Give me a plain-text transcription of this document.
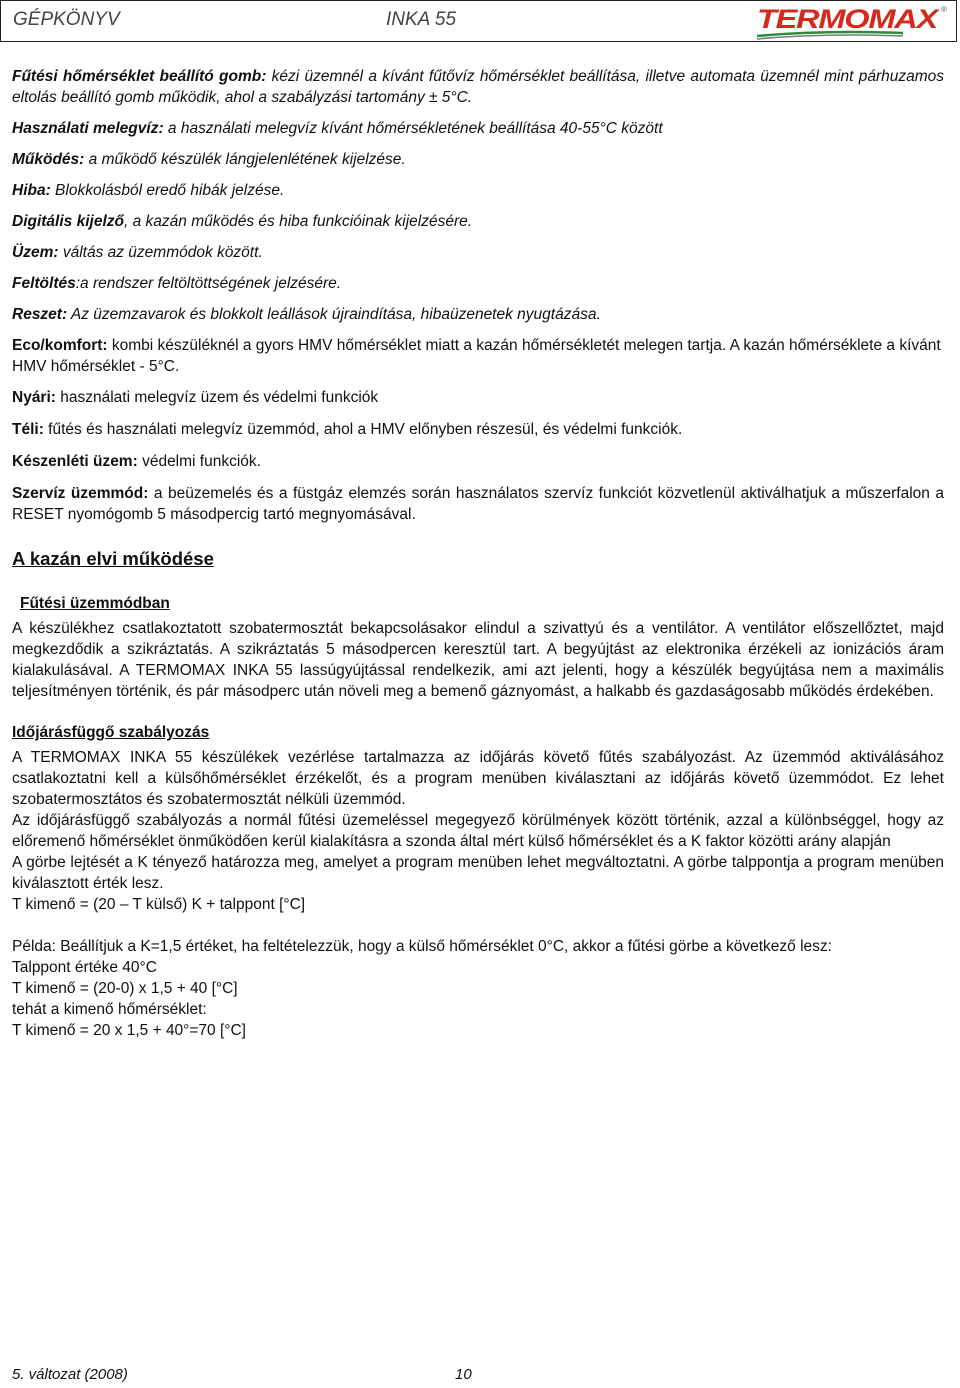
GÉPKÖNYV	INKA 55	TERMOMAX ®

Fűtési hőmérséklet beállító gomb: kézi üzemnél a kívánt fűtővíz hőmérséklet beállítása, illetve automata üzemnél mint párhuzamos eltolás beállító gomb működik, ahol a szabályzási tartomány ± 5°C.

Használati melegvíz: a használati melegvíz kívánt hőmérsékletének beállítása 40-55°C között

Működés: a működő készülék lángjelenlétének kijelzése.

Hiba: Blokkolásból eredő hibák jelzése.

Digitális kijelző, a kazán működés és hiba funkcióinak kijelzésére.

Üzem: váltás az üzemmódok között.

Feltöltés:a rendszer feltöltöttségének jelzésére.

Reszet: Az üzemzavarok és blokkolt leállások újraindítása, hibaüzenetek nyugtázása.

Eco/komfort: kombi készüléknél a gyors HMV hőmérséklet miatt a kazán hőmérsékletét melegen tartja. A kazán hőmérséklete a kívánt HMV hőmérséklet - 5°C.

Nyári: használati melegvíz üzem és védelmi funkciók

Téli: fűtés és használati melegvíz üzemmód, ahol a HMV előnyben részesül, és védelmi funkciók.

Készenléti üzem: védelmi funkciók.

Szervíz üzemmód: a beüzemelés és a füstgáz elemzés során használatos szervíz funkciót közvetlenül aktiválhatjuk a műszerfalon a RESET nyomógomb 5 másodpercig tartó megnyomásával.

A kazán elvi működése

Fűtési üzemmódban

A készülékhez csatlakoztatott szobatermosztát bekapcsolásakor elindul a szivattyú és a ventilátor. A ventilátor előszellőztet, majd megkezdődik a szikráztatás. A szikráztatás 5 másodpercen keresztül tart. A begyújtást az elektronika érzékeli az ionizációs áram kialakulásával. A TERMOMAX INKA 55 lassúgyújtással rendelkezik, ami azt jelenti, hogy a készülék begyújtása nem a maximális teljesítményen történik, és pár másodperc után növeli meg a bemenő gáznyomást, a halkabb és gazdaságosabb működés érdekében.

Időjárásfüggő szabályozás

A TERMOMAX INKA 55 készülékek vezérlése tartalmazza az időjárás követő fűtés szabályozást. Az üzemmód aktiválásához csatlakoztatni kell a külsőhőmérséklet érzékelőt, és a program menüben kiválasztani az időjárás követő üzemmódot. Ez lehet szobatermosztátos és szobatermosztát nélküli üzemmód.

Az időjárásfüggő szabályozás a normál fűtési üzemeléssel megegyező körülmények között történik, azzal a különbséggel, hogy az előremenő hőmérséklet önműködően kerül kialakításra a szonda által mért külső hőmérséklet és a K faktor közötti arány alapján

A görbe lejtését a K tényező határozza meg, amelyet a program menüben lehet megváltoztatni. A görbe talppontja a program menüben kiválasztott érték lesz.

T kimenő = (20 – T külső) K + talppont [°C]

Példa: Beállítjuk a K=1,5 értéket, ha feltételezzük, hogy a külső hőmérséklet 0°C, akkor a fűtési görbe a következő lesz:

Talppont értéke 40°C

T kimenő = (20-0) x 1,5 + 40 [°C]

tehát a kimenő hőmérséklet:

T kimenő = 20 x 1,5 + 40°=70 [°C]

5. változat (2008)	10
